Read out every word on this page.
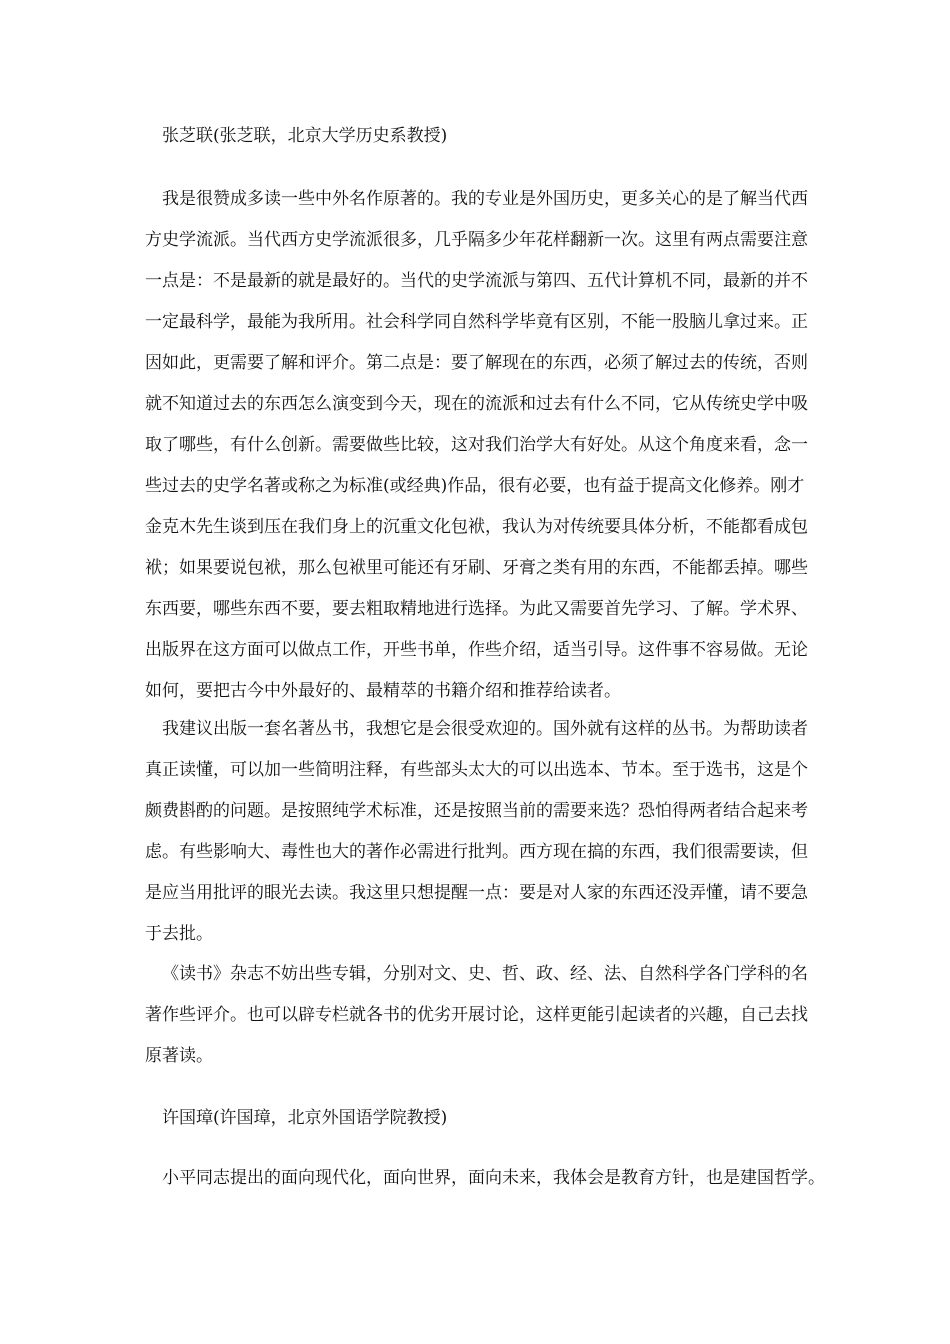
张芝联(张芝联，北京大学历史系教授)
我是很赞成多读一些中外名作原著的。我的专业是外国历史，更多关心的是了解当代西
方史学流派。当代西方史学流派很多，几乎隔多少年花样翻新一次。这里有两点需要注意
一点是：不是最新的就是最好的。当代的史学流派与第四、五代计算机不同，最新的并不
一定最科学，最能为我所用。社会科学同自然科学毕竟有区别，不能一股脑儿拿过来。正
因如此，更需要了解和评介。第二点是：要了解现在的东西，必须了解过去的传统，否则
就不知道过去的东西怎么演变到今天，现在的流派和过去有什么不同，它从传统史学中吸
取了哪些，有什么创新。需要做些比较，这对我们治学大有好处。从这个角度来看，念一
些过去的史学名著或称之为标准(或经典)作品，很有必要，也有益于提高文化修养。刚才
金克木先生谈到压在我们身上的沉重文化包袱，我认为对传统要具体分析，不能都看成包
袱；如果要说包袱，那么包袱里可能还有牙刷、牙膏之类有用的东西，不能都丢掉。哪些
东西要，哪些东西不要，要去粗取精地进行选择。为此又需要首先学习、了解。学术界、
出版界在这方面可以做点工作，开些书单，作些介绍，适当引导。这件事不容易做。无论
如何，要把古今中外最好的、最精萃的书籍介绍和推荐给读者。
我建议出版一套名著丛书，我想它是会很受欢迎的。国外就有这样的丛书。为帮助读者
真正读懂，可以加一些简明注释，有些部头太大的可以出选本、节本。至于选书，这是个
颇费斟酌的问题。是按照纯学术标准，还是按照当前的需要来选？恐怕得两者结合起来考
虑。有些影响大、毒性也大的著作必需进行批判。西方现在搞的东西，我们很需要读，但
是应当用批评的眼光去读。我这里只想提醒一点：要是对人家的东西还没弄懂，请不要急
于去批。
《读书》杂志不妨出些专辑，分别对文、史、哲、政、经、法、自然科学各门学科的名
著作些评介。也可以辟专栏就各书的优劣开展讨论，这样更能引起读者的兴趣，自己去找
原著读。
许国璋(许国璋，北京外国语学院教授)
小平同志提出的面向现代化，面向世界，面向未来，我体会是教育方针，也是建国哲学。
